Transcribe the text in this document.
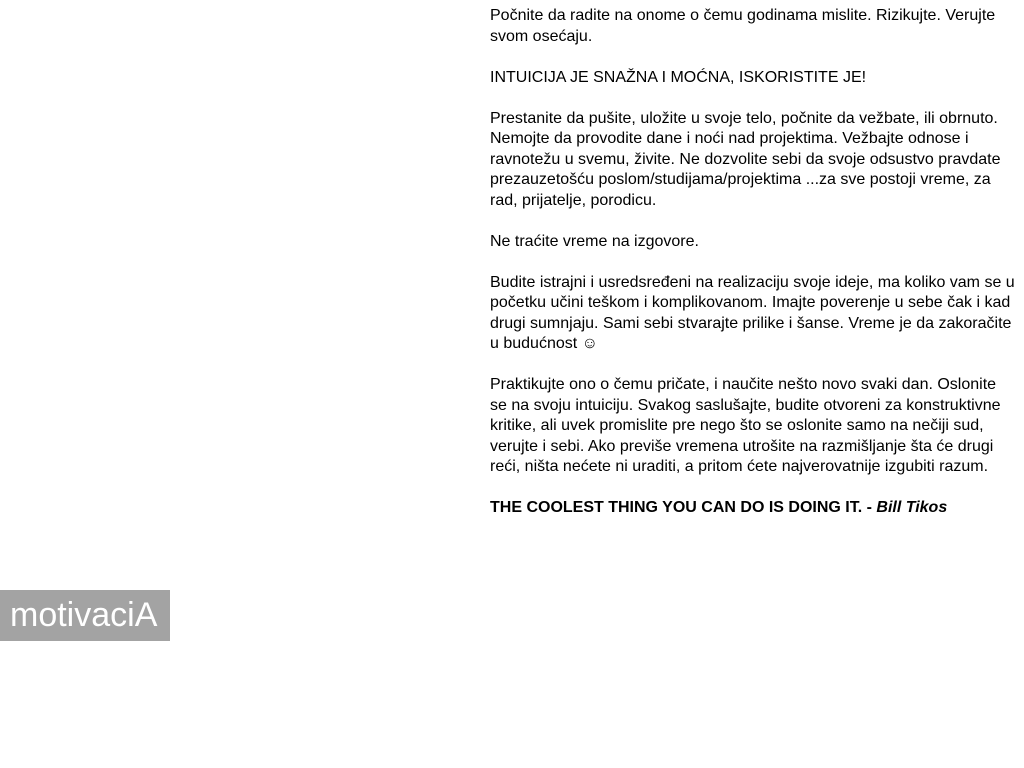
Počnite da radite na onome o čemu godinama mislite. Rizikujte. Verujte svom osećaju.

INTUICIJA JE SNAŽNA I MOĆNA, ISKORISTITE JE!

Prestanite da pušite, uložite u svoje telo, počnite da vežbate, ili obrnuto. Nemojte da provodite dane i noći nad projektima. Vežbajte odnose i ravnotežu u svemu, živite. Ne dozvolite sebi da svoje odsustvo pravdate prezauzetošću poslom/studijama/projektima ...za sve postoji vreme, za rad, prijatelje, porodicu.

Ne traćite vreme na izgovore.

Budite istrajni i usredsređeni na realizaciju svoje ideje, ma koliko vam se u početku učini teškom i komplikovanom. Imajte poverenje u sebe čak i kad drugi sumnjaju. Sami sebi stvarajte prilike i šanse. Vreme je da zakoračite u budućnost ☺

Praktikujte ono o čemu pričate, i naučite nešto novo svaki dan. Oslonite se na svoju intuiciju. Svakog saslušajte, budite otvoreni za konstruktivne kritike, ali uvek promislite pre nego što se oslonite samo na nečiji sud, verujte i sebi. Ako previše vremena utrošite na razmišljanje šta će drugi reći, ništa nećete ni uraditi, a pritom ćete najverovatnije izgubiti razum.

THE COOLEST THING YOU CAN DO IS DOING IT. - Bill Tikos

motivaciA
